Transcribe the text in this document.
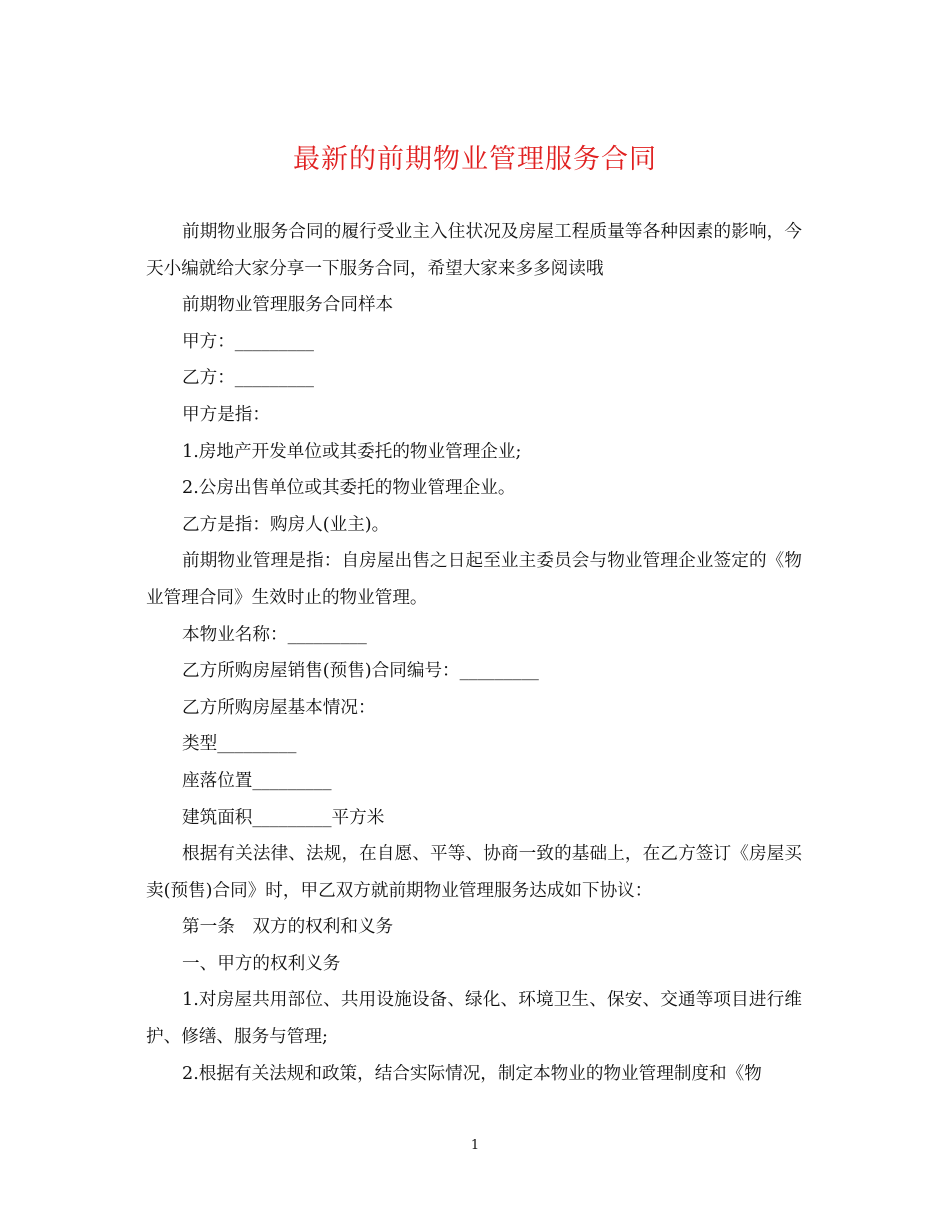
最新的前期物业管理服务合同

前期物业服务合同的履行受业主入住状况及房屋工程质量等各种因素的影响，今天小编就给大家分享一下服务合同，希望大家来多多阅读哦

前期物业管理服务合同样本

甲方：_________

乙方：_________

甲方是指：

1.房地产开发单位或其委托的物业管理企业;

2.公房出售单位或其委托的物业管理企业。

乙方是指：购房人(业主)。

前期物业管理是指：自房屋出售之日起至业主委员会与物业管理企业签定的《物业管理合同》生效时止的物业管理。

本物业名称：_________

乙方所购房屋销售(预售)合同编号：_________

乙方所购房屋基本情况：

类型_________

座落位置_________

建筑面积_________平方米

根据有关法律、法规，在自愿、平等、协商一致的基础上，在乙方签订《房屋买卖(预售)合同》时，甲乙双方就前期物业管理服务达成如下协议：

第一条　双方的权利和义务

一、甲方的权利义务

1.对房屋共用部位、共用设施设备、绿化、环境卫生、保安、交通等项目进行维护、修缮、服务与管理;

2.根据有关法规和政策，结合实际情况，制定本物业的物业管理制度和《物

1
